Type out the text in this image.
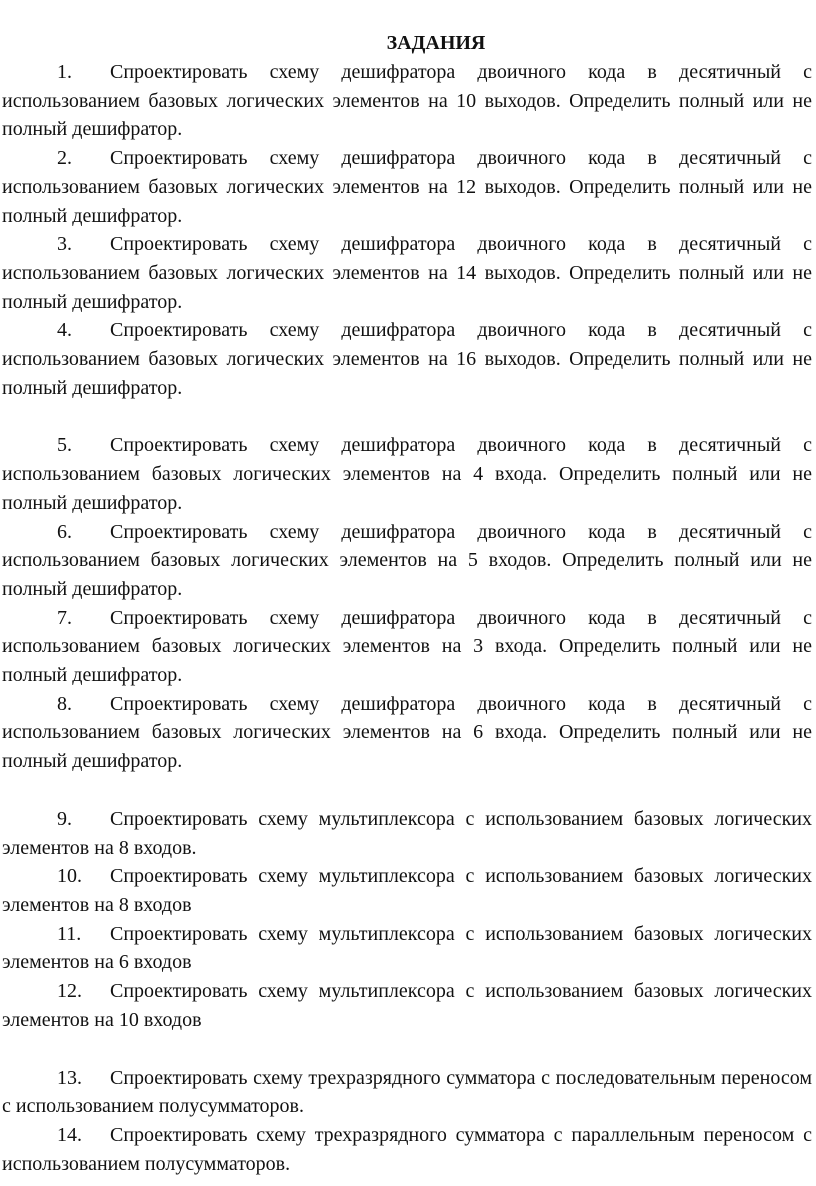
ЗАДАНИЯ

1. Спроектировать схему дешифратора двоичного кода в десятичный с использованием базовых логических элементов на 10 выходов. Определить полный или не полный дешифратор.

2. Спроектировать схему дешифратора двоичного кода в десятичный с использованием базовых логических элементов на 12 выходов. Определить полный или не полный дешифратор.

3. Спроектировать схему дешифратора двоичного кода в десятичный с использованием базовых логических элементов на 14 выходов. Определить полный или не полный дешифратор.

4. Спроектировать схему дешифратора двоичного кода в десятичный с использованием базовых логических элементов на 16 выходов. Определить полный или не полный дешифратор.

5. Спроектировать схему дешифратора двоичного кода в десятичный с использованием базовых логических элементов на 4 входа. Определить полный или не полный дешифратор.

6. Спроектировать схему дешифратора двоичного кода в десятичный с использованием базовых логических элементов на 5 входов. Определить полный или не полный дешифратор.

7. Спроектировать схему дешифратора двоичного кода в десятичный с использованием базовых логических элементов на 3 входа. Определить полный или не полный дешифратор.

8. Спроектировать схему дешифратора двоичного кода в десятичный с использованием базовых логических элементов на 6 входа. Определить полный или не полный дешифратор.

9. Спроектировать схему мультиплексора с использованием базовых логических элементов на 8 входов.

10. Спроектировать схему мультиплексора с использованием базовых логических элементов на 8 входов

11. Спроектировать схему мультиплексора с использованием базовых логических элементов на 6 входов

12. Спроектировать схему мультиплексора с использованием базовых логических элементов на 10 входов

13. Спроектировать схему трехразрядного сумматора с последовательным переносом с использованием полусумматоров.

14. Спроектировать схему трехразрядного сумматора с параллельным переносом с использованием полусумматоров.
